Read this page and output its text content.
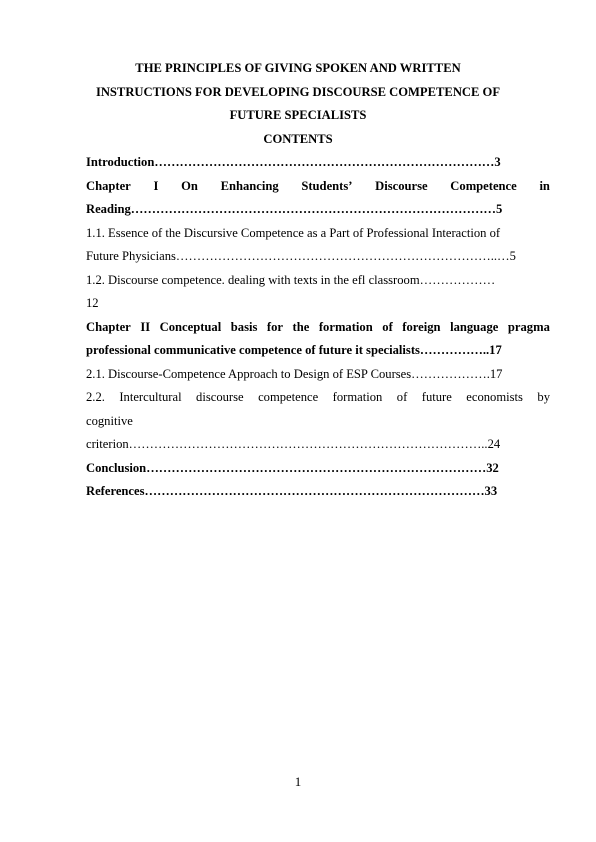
THE PRINCIPLES OF GIVING SPOKEN AND WRITTEN
INSTRUCTIONS FOR DEVELOPING DISCOURSE COMPETENCE OF
FUTURE SPECIALISTS
CONTENTS
Introduction………………………………………………………………………3
Chapter I On Enhancing Students’ Discourse Competence in
Reading……………………………………………………………………………5
1.1. Essence of the Discursive Competence as a Part of Professional Interaction of
Future Physicians…………………………………………………………………..…5
1.2. Discourse competence. dealing with texts in the efl classroom………………
12
Chapter II Conceptual basis for the formation of foreign language pragma
professional communicative competence of future it specialists……………..17
2.1. Discourse-Competence Approach to Design of ESP Courses……………….17
2.2. Intercultural discourse competence formation of future economists by
cognitive
criterion…………………………………………………………………………..24
Conclusion………………………………………………………………………32
References………………………………………………………………………33
1
